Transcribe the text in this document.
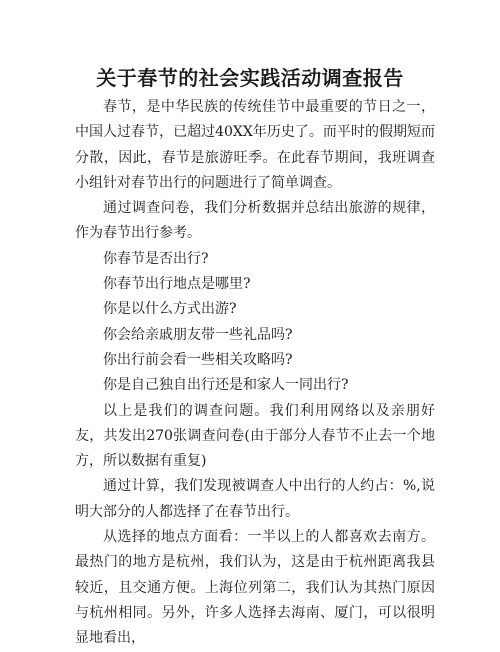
关于春节的社会实践活动调查报告

春节，是中华民族的传统佳节中最重要的节日之一，中国人过春节，已超过40XX年历史了。而平时的假期短而分散，因此，春节是旅游旺季。在此春节期间，我班调查小组针对春节出行的问题进行了简单调查。

通过调查问卷，我们分析数据并总结出旅游的规律，作为春节出行参考。

你春节是否出行?

你春节出行地点是哪里?

你是以什么方式出游?

你会给亲戚朋友带一些礼品吗?

你出行前会看一些相关攻略吗?

你是自己独自出行还是和家人一同出行?

以上是我们的调查问题。我们利用网络以及亲朋好友，共发出270张调查问卷(由于部分人春节不止去一个地方，所以数据有重复)

通过计算，我们发现被调查人中出行的人约占：%,说明大部分的人都选择了在春节出行。

从选择的地点方面看：一半以上的人都喜欢去南方。最热门的地方是杭州，我们认为，这是由于杭州距离我县较近，且交通方便。上海位列第二，我们认为其热门原因与杭州相同。另外，许多人选择去海南、厦门，可以很明显地看出，
